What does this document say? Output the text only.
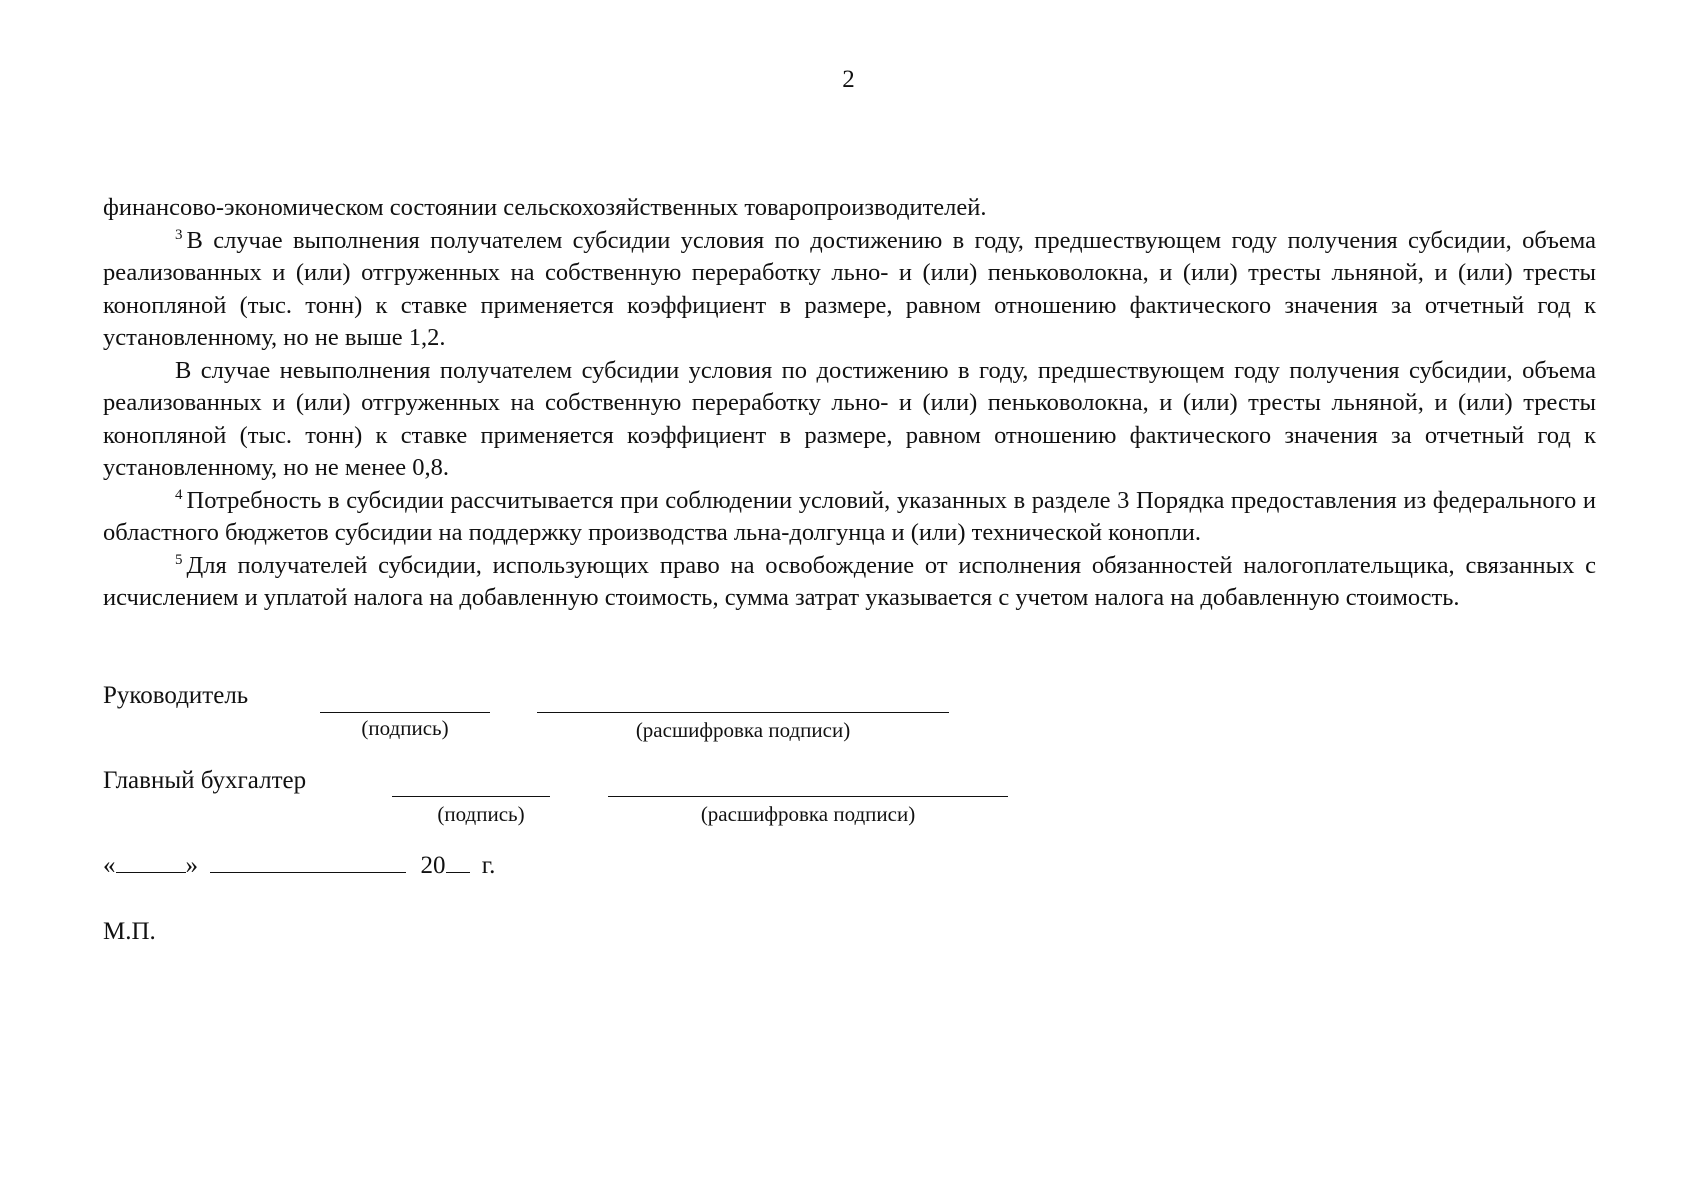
2

финансово-экономическом состоянии сельскохозяйственных товаропроизводителей.

$^3$ В случае выполнения получателем субсидии условия по достижению в году, предшествующем году получения субсидии, объема реализованных и (или) отгруженных на собственную переработку льно- и (или) пеньковолокна, и (или) тресты льняной, и (или) тресты конопляной (тыс. тонн) к ставке применяется коэффициент в размере, равном отношению фактического значения за отчетный год к установленному, но не выше 1,2.

В случае невыполнения получателем субсидии условия по достижению в году, предшествующем году получения субсидии, объема реализованных и (или) отгруженных на собственную переработку льно- и (или) пеньковолокна, и (или) тресты льняной, и (или) тресты конопляной (тыс. тонн) к ставке применяется коэффициент в размере, равном отношению фактического значения за отчетный год к установленному, но не менее 0,8.

$^4$ Потребность в субсидии рассчитывается при соблюдении условий, указанных в разделе 3 Порядка предоставления из федерального и областного бюджетов субсидии на поддержку производства льна-долгунца и (или) технической конопли.

$^5$ Для получателей субсидии, использующих право на освобождение от исполнения обязанностей налогоплательщика, связанных с исчислением и уплатой налога на добавленную стоимость, сумма затрат указывается с учетом налога на добавленную стоимость.

Руководитель
(подпись)	(расшифровка подписи)
Главный бухгалтер
(подпись)	(расшифровка подписи)
«	»	20 г.
М.П.
